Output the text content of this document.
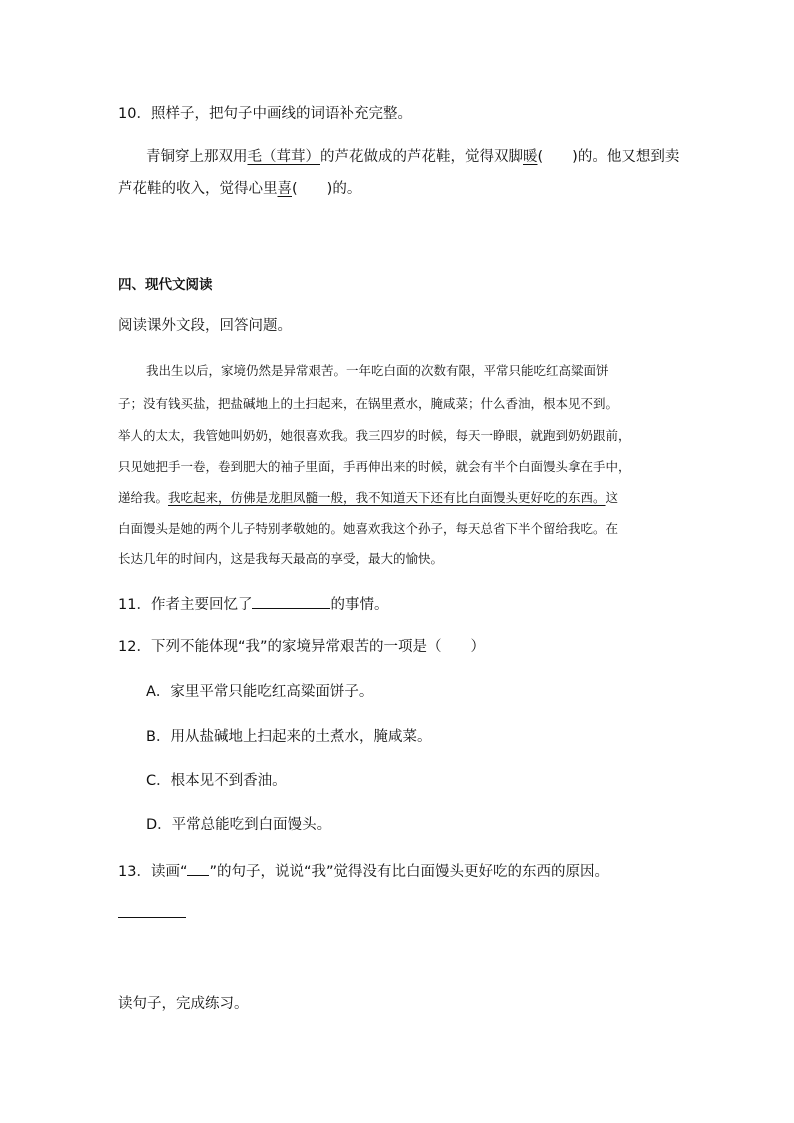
10．照样子，把句子中画线的词语补充完整。
青铜穿上那双用毛（茸茸）的芦花做成的芦花鞋，觉得双脚暖(　　)的。他又想到卖
芦花鞋的收入，觉得心里喜(　　)的。
四、现代文阅读
阅读课外文段，回答问题。
我出生以后，家境仍然是异常艰苦。一年吃白面的次数有限，平常只能吃红高粱面饼
子；没有钱买盐，把盐碱地上的土扫起来，在锅里煮水，腌咸菜；什么香油，根本见不到。
举人的太太，我管她叫奶奶，她很喜欢我。我三四岁的时候，每天一睁眼，就跑到奶奶跟前，
只见她把手一卷，卷到肥大的袖子里面，手再伸出来的时候，就会有半个白面馒头拿在手中，
递给我。我吃起来，仿佛是龙胆凤髓一般，我不知道天下还有比白面馒头更好吃的东西。这
白面馒头是她的两个儿子特别孝敬她的。她喜欢我这个孙子，每天总省下半个留给我吃。在
长达几年的时间内，这是我每天最高的享受，最大的愉快。
11．作者主要回忆了	的事情。
12．下列不能体现“我”的家境异常艰苦的一项是（　　）
A．家里平常只能吃红高粱面饼子。
B．用从盐碱地上扫起来的土煮水，腌咸菜。
C．根本见不到香油。
D．平常总能吃到白面馒头。
13．读画“ ”的句子，说说“我”觉得没有比白面馒头更好吃的东西的原因。
读句子，完成练习。
